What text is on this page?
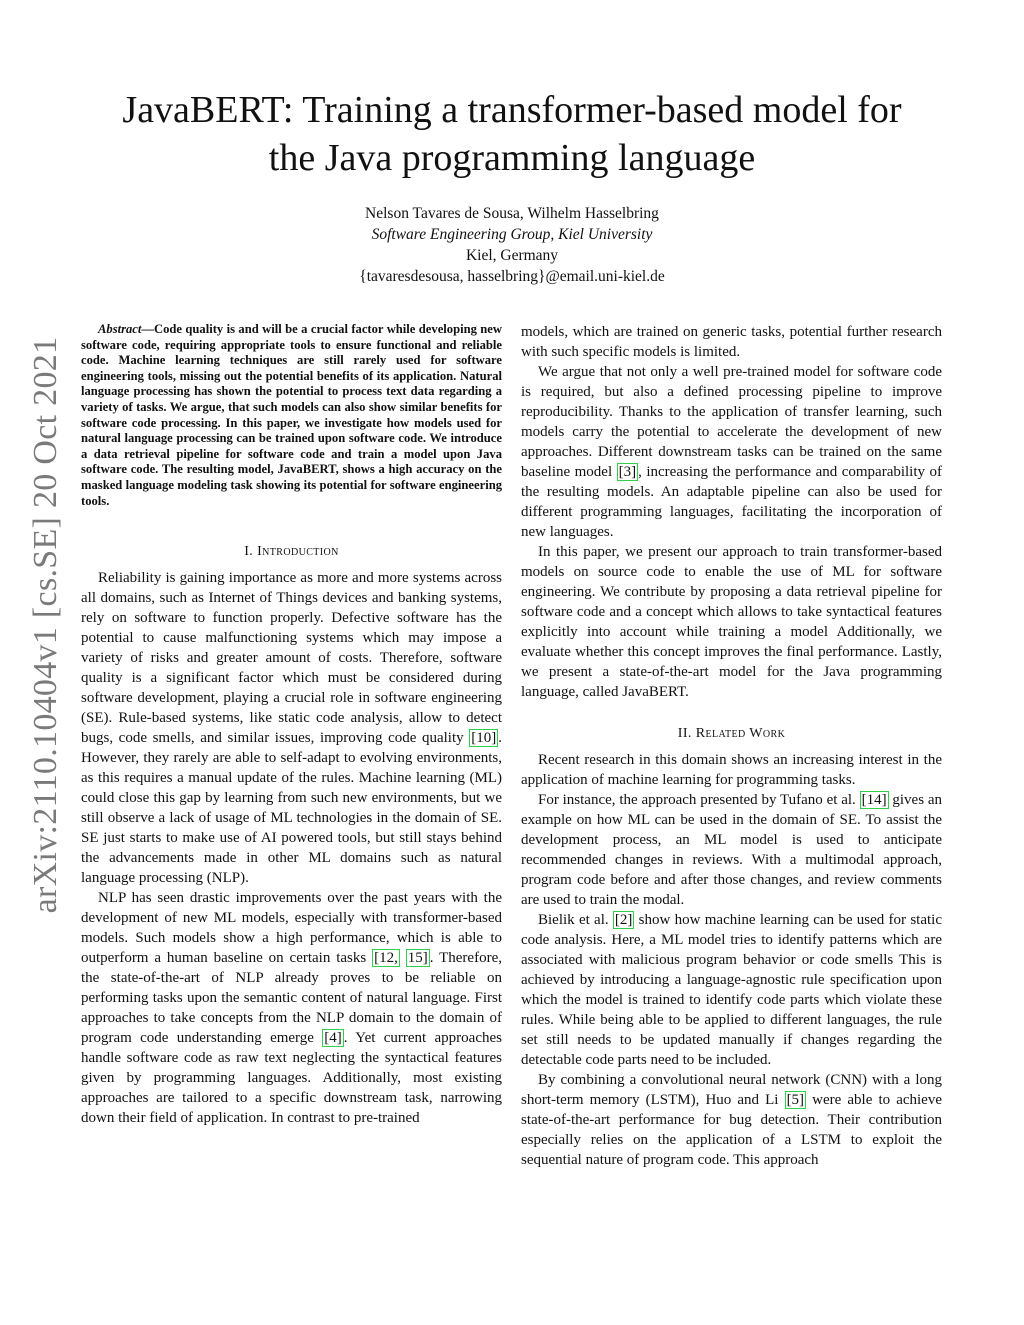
arXiv:2110.10404v1 [cs.SE] 20 Oct 2021
JavaBERT: Training a transformer-based model for
the Java programming language
Nelson Tavares de Sousa, Wilhelm Hasselbring
Software Engineering Group, Kiel University
Kiel, Germany
{tavaresdesousa, hasselbring}@email.uni-kiel.de

Abstract—Code quality is and will be a crucial factor while developing new software code, requiring appropriate tools to ensure functional and reliable code. Machine learning techniques are still rarely used for software engineering tools, missing out the potential benefits of its application. Natural language processing has shown the potential to process text data regarding a variety of tasks. We argue, that such models can also show similar benefits for software code processing. In this paper, we investigate how models used for natural language processing can be trained upon software code. We introduce a data retrieval pipeline for software code and train a model upon Java software code. The resulting model, JavaBERT, shows a high accuracy on the masked language modeling task showing its potential for software engineering tools.

I. Introduction

Reliability is gaining importance as more and more systems across all domains, such as Internet of Things devices and banking systems, rely on software to function properly. Defective software has the potential to cause malfunctioning systems which may impose a variety of risks and greater amount of costs. Therefore, software quality is a significant factor which must be considered during software development, playing a crucial role in software engineering (SE). Rule-based systems, like static code analysis, allow to detect bugs, code smells, and similar issues, improving code quality [10] . However, they rarely are able to self-adapt to evolving environments, as this requires a manual update of the rules. Machine learning (ML) could close this gap by learning from such new environments, but we still observe a lack of usage of ML technologies in the domain of SE. SE just starts to make use of AI powered tools, but still stays behind the advancements made in other ML domains such as natural language processing (NLP).

NLP has seen drastic improvements over the past years with the development of new ML models, especially with transformer-based models. Such models show a high performance, which is able to outperform a human baseline on certain tasks [12, 15] . Therefore, the state-of-the-art of NLP already proves to be reliable on performing tasks upon the semantic content of natural language. First approaches to take concepts from the NLP domain to the domain of program code understanding emerge [4] . Yet current approaches handle software code as raw text neglecting the syntactical features given by programming languages. Additionally, most existing approaches are tailored to a specific downstream task, narrowing down their field of application. In contrast to pre-trained

models, which are trained on generic tasks, potential further research with such specific models is limited.

We argue that not only a well pre-trained model for software code is required, but also a defined processing pipeline to improve reproducibility. Thanks to the application of transfer learning, such models carry the potential to accelerate the development of new approaches. Different downstream tasks can be trained on the same baseline model [3] , increasing the performance and comparability of the resulting models. An adaptable pipeline can also be used for different programming languages, facilitating the incorporation of new languages.

In this paper, we present our approach to train transformer-based models on source code to enable the use of ML for software engineering. We contribute by proposing a data retrieval pipeline for software code and a concept which allows to take syntactical features explicitly into account while training a model Additionally, we evaluate whether this concept improves the final performance. Lastly, we present a state-of-the-art model for the Java programming language, called JavaBERT.

II. Related Work

Recent research in this domain shows an increasing interest in the application of machine learning for programming tasks.

For instance, the approach presented by Tufano et al. [14] gives an example on how ML can be used in the domain of SE. To assist the development process, an ML model is used to anticipate recommended changes in reviews. With a multimodal approach, program code before and after those changes, and review comments are used to train the modal.

Bielik et al. [2] show how machine learning can be used for static code analysis. Here, a ML model tries to identify patterns which are associated with malicious program behavior or code smells This is achieved by introducing a language-agnostic rule specification upon which the model is trained to identify code parts which violate these rules. While being able to be applied to different languages, the rule set still needs to be updated manually if changes regarding the detectable code parts need to be included.

By combining a convolutional neural network (CNN) with a long short-term memory (LSTM), Huo and Li [5] were able to achieve state-of-the-art performance for bug detection. Their contribution especially relies on the application of a LSTM to exploit the sequential nature of program code. This approach
